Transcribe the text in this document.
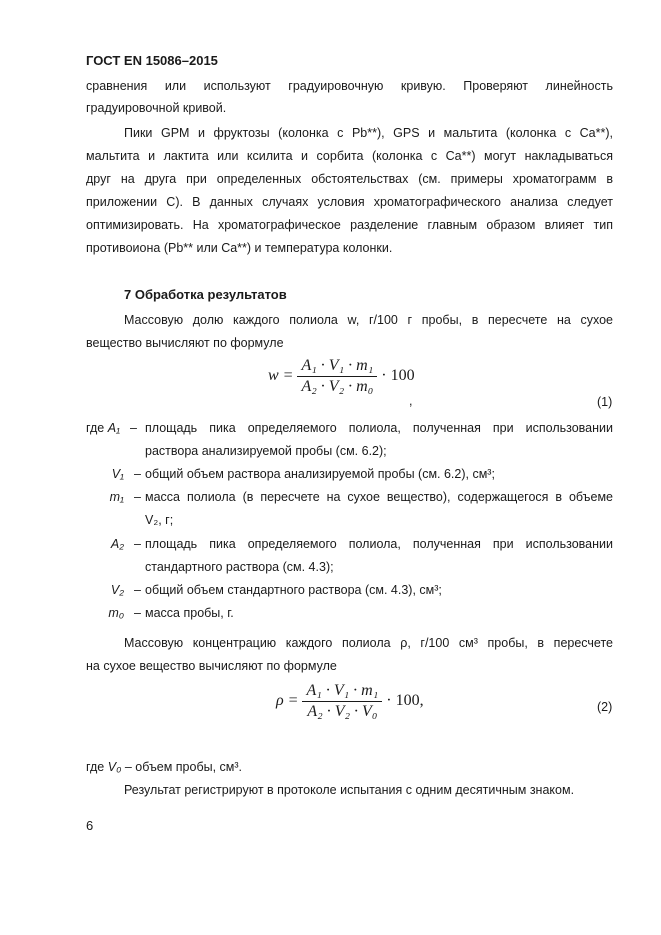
ГОСТ EN 15086–2015
сравнения или используют градуировочную кривую. Проверяют линейность
градуировочной кривой.
Пики GPM и фруктозы (колонка с Pb**), GPS и мальтита (колонка с Ca**),
мальтита и лактита или ксилита и сорбита (колонка с Ca**) могут накладываться
друг на друга при определенных обстоятельствах (см. примеры хроматограмм в
приложении С). В данных случаях условия хроматографического анализа следует
оптимизировать. На хроматографическое разделение главным образом влияет тип
противоиона (Pb** или Ca**) и температура колонки.
7 Обработка результатов
Массовую долю каждого полиола w, г/100 г пробы, в пересчете на сухое
вещество вычисляют по формуле
$w = \frac{\text{A₁ · V₁ · m₁}}{\text{A₂ · V₂ · m₀}} \cdot 100$
,	(1)
где A₁ – площадь пика определяемого полиола, полученная при использовании
раствора анализируемой пробы (см. 6.2);
V₁ – общий объем раствора анализируемой пробы (см. 6.2), см³;
m₁ – масса полиола (в пересчете на сухое вещество), содержащегося в объеме
V₂, г;
A₂ – площадь пика определяемого полиола, полученная при использовании
стандартного раствора (см. 4.3);
V₂ – общий объем стандартного раствора (см. 4.3), см³;
m₀ – масса пробы, г.
Массовую концентрацию каждого полиола ρ, г/100 см³ пробы, в пересчете
на сухое вещество вычисляют по формуле
$\rho = \frac{\text{A₁ · V₁ · m₁}}{\text{A₂ · V₂ · V₀}} \cdot 100$,	(2)
где V₀ – объем пробы, см³.
Результат регистрируют в протоколе испытания с одним десятичным знаком.
6
